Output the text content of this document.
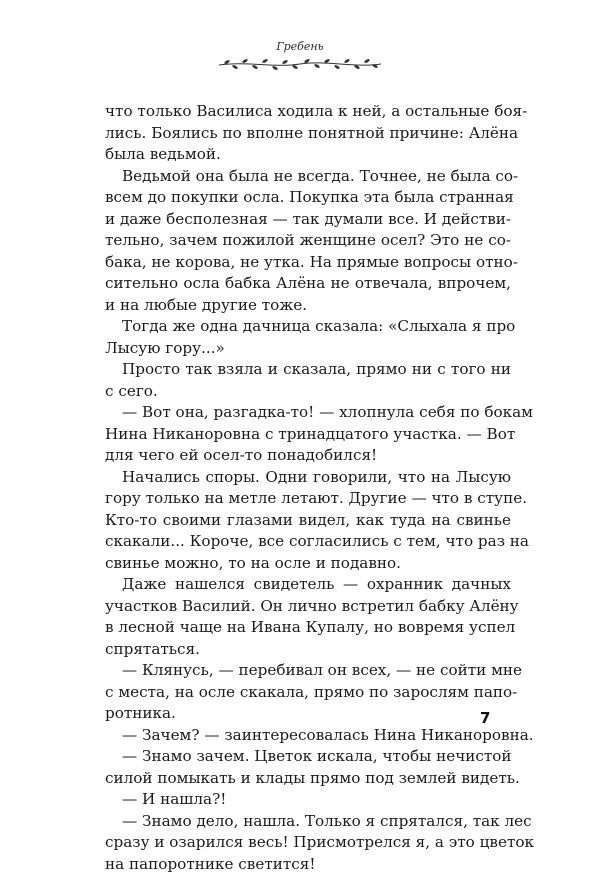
Гребень
что только Василиса ходила к ней, а остальные боя-
лись. Боялись по вполне понятной причине: Алёна
была ведьмой.
Ведьмой она была не всегда. Точнее, не была со-
всем до покупки осла. Покупка эта была странная
и даже бесполезная — так думали все. И действи-
тельно, зачем пожилой женщине осел? Это не со-
бака, не корова, не утка. На прямые вопросы отно-
сительно осла бабка Алёна не отвечала, впрочем,
и на любые другие тоже.
Тогда же одна дачница сказала: «Слыхала я про
Лысую гору...»
Просто так взяла и сказала, прямо ни с того ни
с сего.
— Вот она, разгадка-то! — хлопнула себя по бокам
Нина Никаноровна с тринадцатого участка. — Вот
для чего ей осел-то понадобился!
Начались споры. Одни говорили, что на Лысую
гору только на метле летают. Другие — что в ступе.
Кто-то своими глазами видел, как туда на свинье
скакали... Короче, все согласились с тем, что раз на
свинье можно, то на осле и подавно.
Даже нашелся свидетель — охранник дачных
участков Василий. Он лично встретил бабку Алёну
в лесной чаще на Ивана Купалу, но вовремя успел
спрятаться.
— Клянусь, — перебивал он всех, — не сойти мне
с места, на осле скакала, прямо по зарослям папо-
ротника.
— Зачем? — заинтересовалась Нина Никаноровна.
— Знамо зачем. Цветок искала, чтобы нечистой
силой помыкать и клады прямо под землей видеть.
— И нашла?!
— Знамо дело, нашла. Только я спрятался, так лес
сразу и озарился весь! Присмотрелся я, а это цветок
на папоротнике светится!
7
